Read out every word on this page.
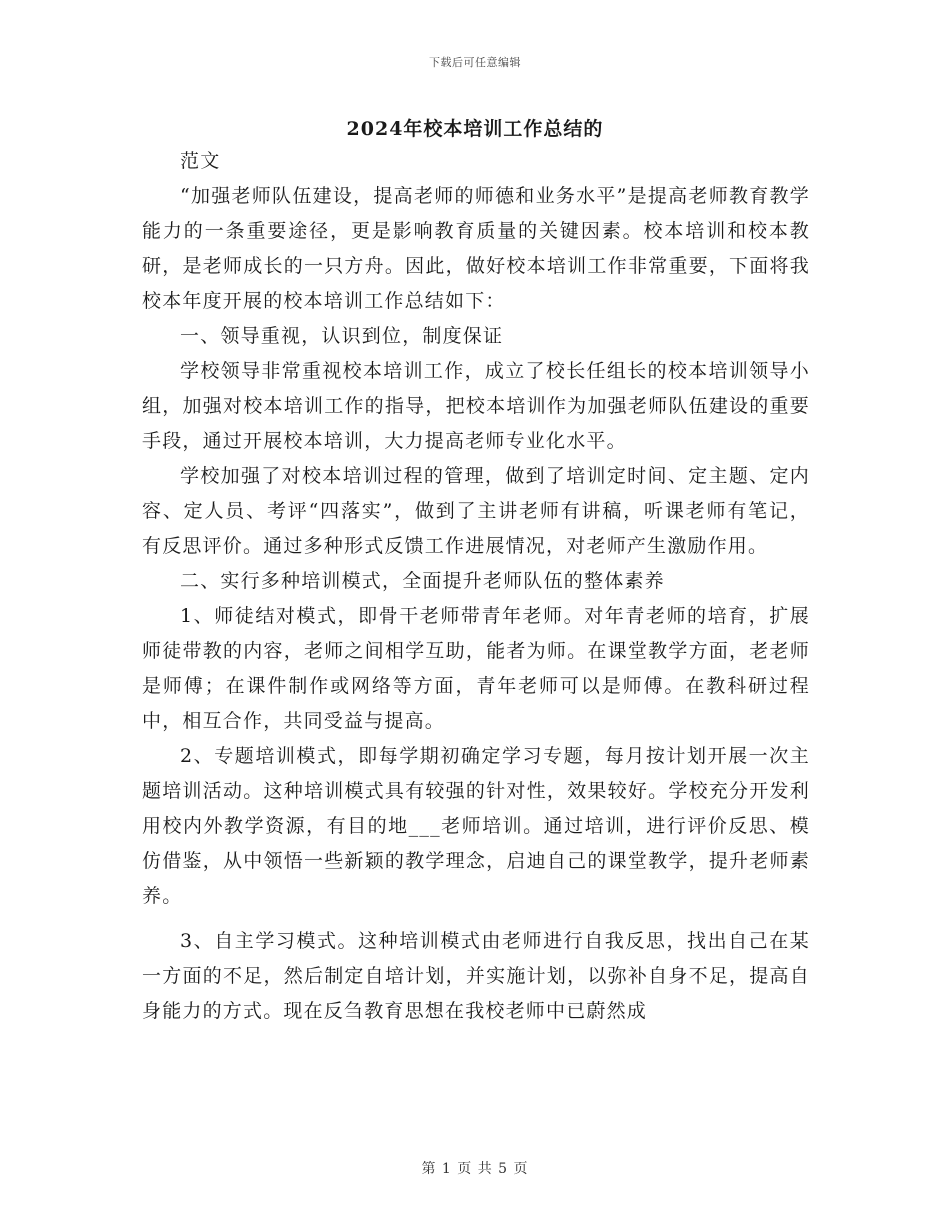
下载后可任意编辑
2024年校本培训工作总结的

范文

“加强老师队伍建设，提高老师的师德和业务水平”是提高老师教育教学能力的一条重要途径，更是影响教育质量的关键因素。校本培训和校本教研，是老师成长的一只方舟。因此，做好校本培训工作非常重要，下面将我校本年度开展的校本培训工作总结如下：

一、领导重视，认识到位，制度保证

学校领导非常重视校本培训工作，成立了校长任组长的校本培训领导小组，加强对校本培训工作的指导，把校本培训作为加强老师队伍建设的重要手段，通过开展校本培训，大力提高老师专业化水平。

学校加强了对校本培训过程的管理，做到了培训定时间、定主题、定内容、定人员、考评“四落实”，做到了主讲老师有讲稿，听课老师有笔记，有反思评价。通过多种形式反馈工作进展情况，对老师产生激励作用。

二、实行多种培训模式，全面提升老师队伍的整体素养

1、师徒结对模式，即骨干老师带青年老师。对年青老师的培育，扩展师徒带教的内容，老师之间相学互助，能者为师。在课堂教学方面，老老师是师傅；在课件制作或网络等方面，青年老师可以是师傅。在教科研过程中，相互合作，共同受益与提高。

2、专题培训模式，即每学期初确定学习专题，每月按计划开展一次主题培训活动。这种培训模式具有较强的针对性，效果较好。学校充分开发利用校内外教学资源，有目的地___老师培训。通过培训，进行评价反思、模仿借鉴，从中领悟一些新颖的教学理念，启迪自己的课堂教学，提升老师素养。

3、自主学习模式。这种培训模式由老师进行自我反思，找出自己在某一方面的不足，然后制定自培计划，并实施计划，以弥补自身不足，提高自身能力的方式。现在反刍教育思想在我校老师中已蔚然成

第 1 页 共 5 页
